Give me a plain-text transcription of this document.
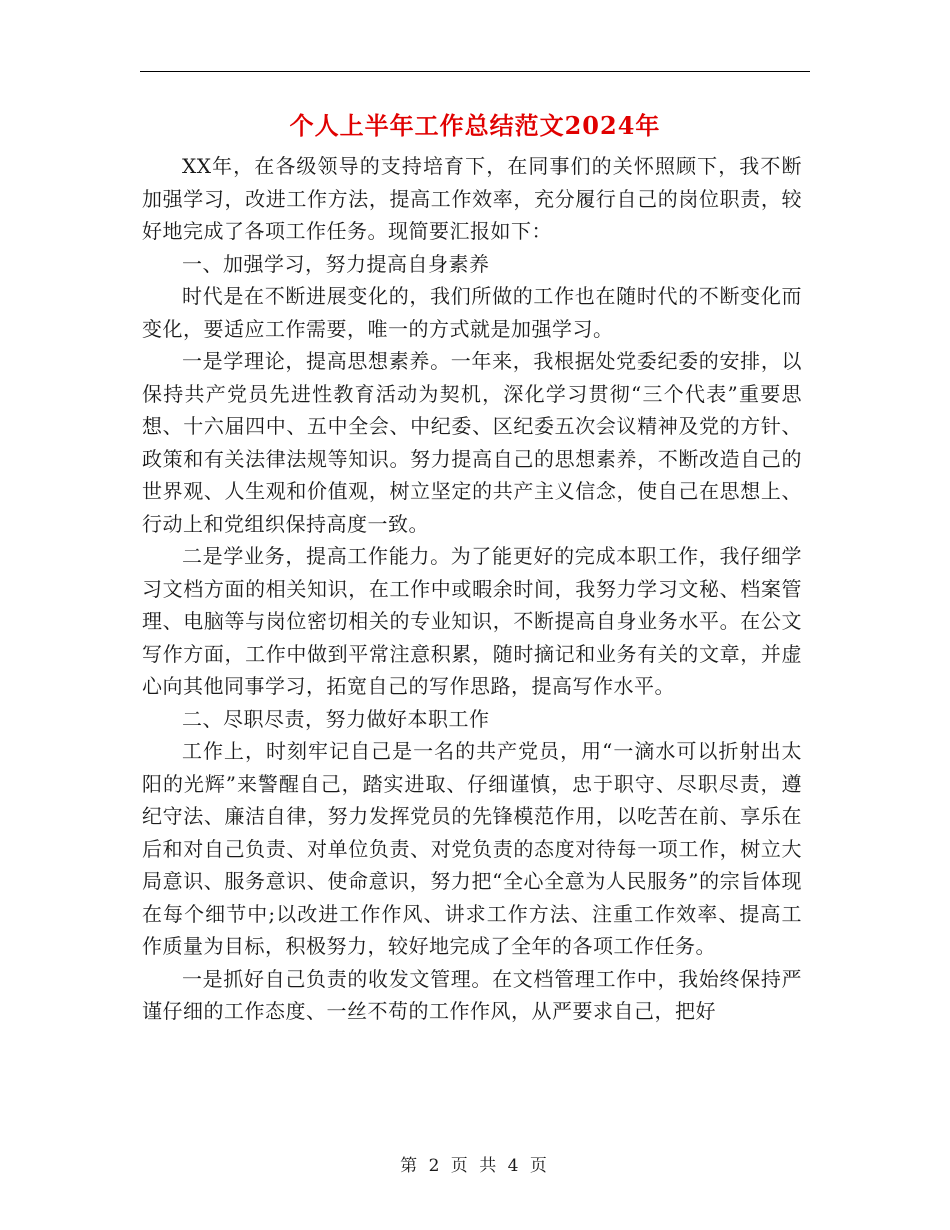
个人上半年工作总结范文2024年

XX年，在各级领导的支持培育下，在同事们的关怀照顾下，我不断加强学习，改进工作方法，提高工作效率，充分履行自己的岗位职责，较好地完成了各项工作任务。现简要汇报如下：

一、加强学习，努力提高自身素养

时代是在不断进展变化的，我们所做的工作也在随时代的不断变化而变化，要适应工作需要，唯一的方式就是加强学习。

一是学理论，提高思想素养。一年来，我根据处党委纪委的安排，以保持共产党员先进性教育活动为契机，深化学习贯彻“三个代表”重要思想、十六届四中、五中全会、中纪委、区纪委五次会议精神及党的方针、政策和有关法律法规等知识。努力提高自己的思想素养，不断改造自己的世界观、人生观和价值观，树立坚定的共产主义信念，使自己在思想上、行动上和党组织保持高度一致。

二是学业务，提高工作能力。为了能更好的完成本职工作，我仔细学习文档方面的相关知识，在工作中或暇余时间，我努力学习文秘、档案管理、电脑等与岗位密切相关的专业知识，不断提高自身业务水平。在公文写作方面，工作中做到平常注意积累，随时摘记和业务有关的文章，并虚心向其他同事学习，拓宽自己的写作思路，提高写作水平。

二、尽职尽责，努力做好本职工作

工作上，时刻牢记自己是一名的共产党员，用“一滴水可以折射出太阳的光辉”来警醒自己，踏实进取、仔细谨慎，忠于职守、尽职尽责，遵纪守法、廉洁自律，努力发挥党员的先锋模范作用，以吃苦在前、享乐在后和对自己负责、对单位负责、对党负责的态度对待每一项工作，树立大局意识、服务意识、使命意识，努力把“全心全意为人民服务”的宗旨体现在每个细节中;以改进工作作风、讲求工作方法、注重工作效率、提高工作质量为目标，积极努力，较好地完成了全年的各项工作任务。

一是抓好自己负责的收发文管理。在文档管理工作中，我始终保持严谨仔细的工作态度、一丝不苟的工作作风，从严要求自己，把好

第 2 页 共 4 页
